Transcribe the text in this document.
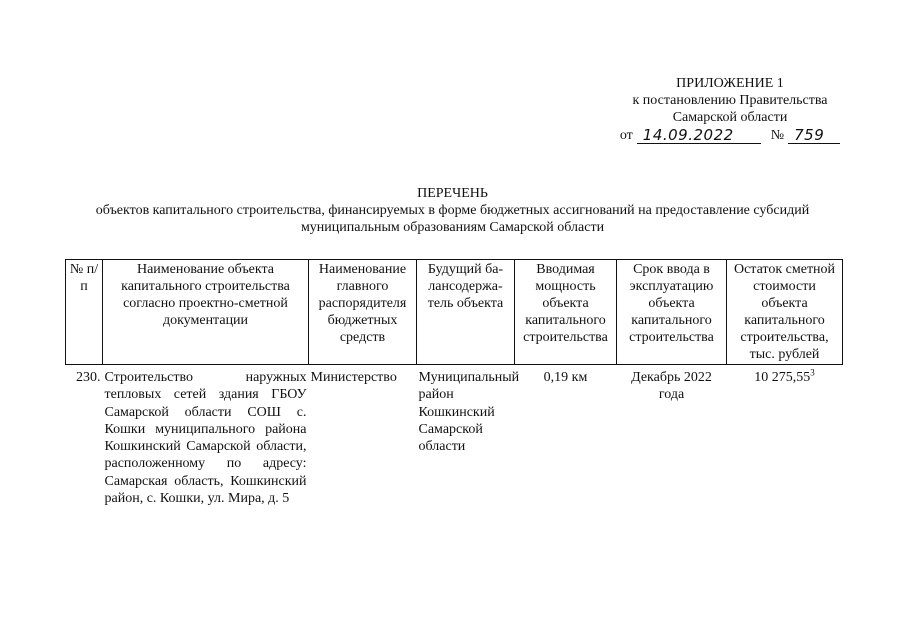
ПРИЛОЖЕНИЕ 1
к постановлению Правительства
Самарской области
от 14.09.2022	№ 759
ПЕРЕЧЕНЬ
объектов капитального строительства, финансируемых в форме бюджетных ассигнований на предоставление субсидий
муниципальным образованиям Самарской области
№ п/п	Наименование объекта капитального строительства согласно проектно-сметной документации	Наименование главного распорядителя бюджетных средств	Будущий ба-лансодержа-тель объекта	Вводимая мощность объекта капитального строительства	Срок ввода в эксплуатацию объекта капитального строительства	Остаток сметной стоимости объекта капитального строительства, тыс. рублей
230.	Строительство наружных тепловых сетей здания ГБОУ Самарской области СОШ с. Кошки муниципального района Кошкинский Самарской области, расположенному по адресу: Самарская область, Кошкинский район, с. Кошки, ул. Мира, д. 5	Министерство	Муниципальный район Кошкинский Самарской области	0,19 км	Декабрь 2022 года	10 275,55$^3$
